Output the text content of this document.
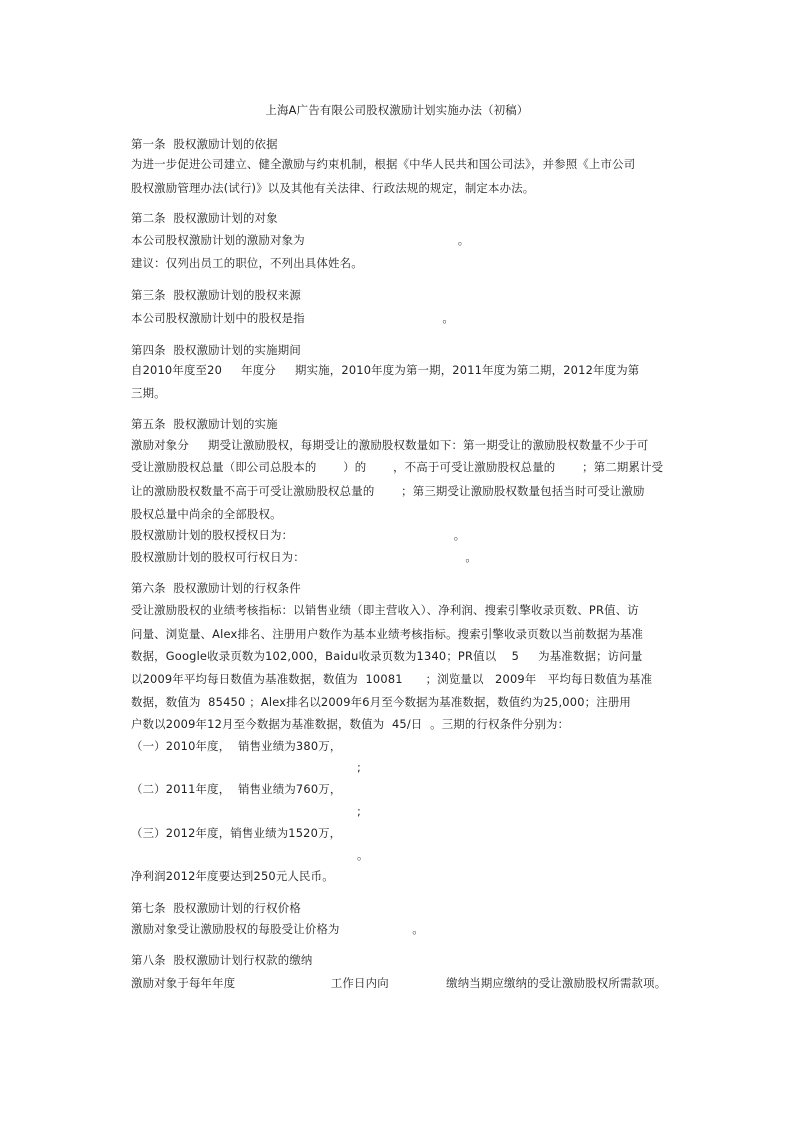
上海A广告有限公司股权激励计划实施办法（初稿）
第一条  股权激励计划的依据
为进一步促进公司建立、健全激励与约束机制，根据《中华人民共和国公司法》，并参照《上市公司
股权激励管理办法(试行)》以及其他有关法律、行政法规的规定，制定本办法。
第二条  股权激励计划的对象
本公司股权激励计划的激励对象为                                        。
建议：仅列出员工的职位，不列出具体姓名。
第三条  股权激励计划的股权来源
本公司股权激励计划中的股权是指                                    。
第四条  股权激励计划的实施期间
自2010年度至20     年度分     期实施，2010年度为第一期，2011年度为第二期，2012年度为第
三期。
第五条  股权激励计划的实施
激励对象分     期受让激励股权，每期受让的激励股权数量如下：第一期受让的激励股权数量不少于可
受让激励股权总量（即公司总股本的       ）的       ，不高于可受让激励股权总量的       ；第二期累计受
让的激励股权数量不高于可受让激励股权总量的       ；第三期受让激励股权数量包括当时可受让激励
股权总量中尚余的全部股权。
股权激励计划的股权授权日为：                                          。
股权激励计划的股权可行权日为：                                          。
第六条  股权激励计划的行权条件
受让激励股权的业绩考核指标：以销售业绩（即主营收入）、净利润、搜索引擎收录页数、PR值、访
问量、浏览量、Alex排名、注册用户数作为基本业绩考核指标。搜索引擎收录页数以当前数据为基准
数据，Google收录页数为102,000，Baidu收录页数为1340；PR值以    5     为基准数据；访问量
以2009年平均每日数值为基准数据，数值为  10081      ；浏览量以   2009年   平均每日数值为基准
数据，数值为  85450 ；Alex排名以2009年6月至今数据为基准数据，数值约为25,000；注册用
户数以2009年12月至今数据为基准数据，数值为  45/日  。三期的行权条件分别为：
（一）2010年度，  销售业绩为380万，
;
（二）2011年度，  销售业绩为760万，
;
（三）2012年度，销售业绩为1520万，
。
净利润2012年度要达到250元人民币。
第七条  股权激励计划的行权价格
激励对象受让激励股权的每股受让价格为                   。
第八条  股权激励计划行权款的缴纳
激励对象于每年年度                         工作日内向               缴纳当期应缴纳的受让激励股权所需款项。
